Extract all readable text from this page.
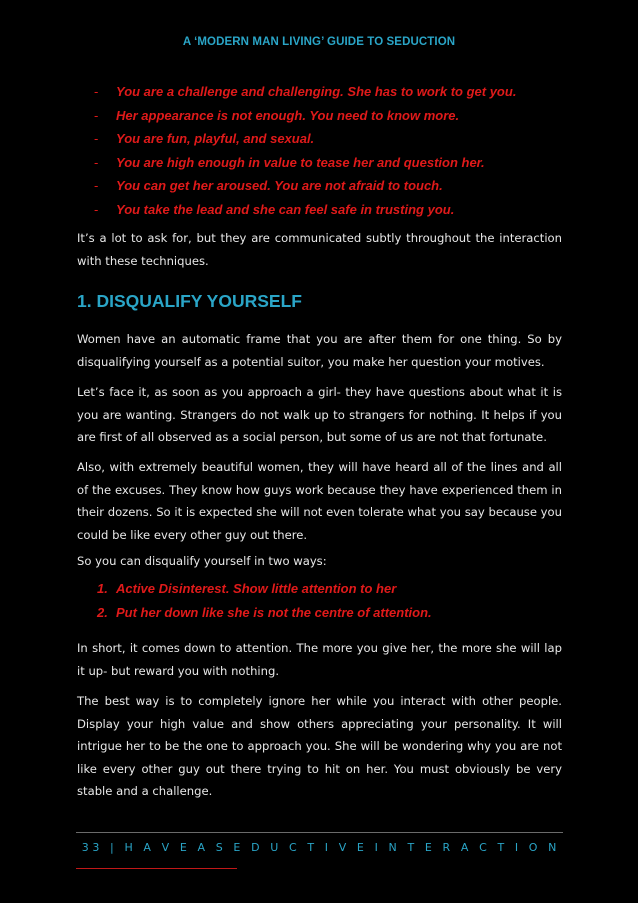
A ‘MODERN MAN LIVING’ GUIDE TO SEDUCTION
- You are a challenge and challenging. She has to work to get you.
- Her appearance is not enough. You need to know more.
- You are fun, playful, and sexual.
- You are high enough in value to tease her and question her.
- You can get her aroused. You are not afraid to touch.
- You take the lead and she can feel safe in trusting you.

It’s a lot to ask for, but they are communicated subtly throughout the interaction with these techniques.

1. DISQUALIFY YOURSELF

Women have an automatic frame that you are after them for one thing. So by disqualifying yourself as a potential suitor, you make her question your motives.

Let’s face it, as soon as you approach a girl- they have questions about what it is you are wanting. Strangers do not walk up to strangers for nothing. It helps if you are first of all observed as a social person, but some of us are not that fortunate.

Also, with extremely beautiful women, they will have heard all of the lines and all of the excuses. They know how guys work because they have experienced them in their dozens. So it is expected she will not even tolerate what you say because you could be like every other guy out there.

So you can disqualify yourself in two ways:

1. Active Disinterest. Show little attention to her
2. Put her down like she is not the centre of attention.

In short, it comes down to attention. The more you give her, the more she will lap it up- but reward you with nothing.

The best way is to completely ignore her while you interact with other people. Display your high value and show others appreciating your personality. It will intrigue her to be the one to approach you. She will be wondering why you are not like every other guy out there trying to hit on her. You must obviously be very stable and a challenge.

33 | H A V E A S E D U C T I V E I N T E R A C T I O N
